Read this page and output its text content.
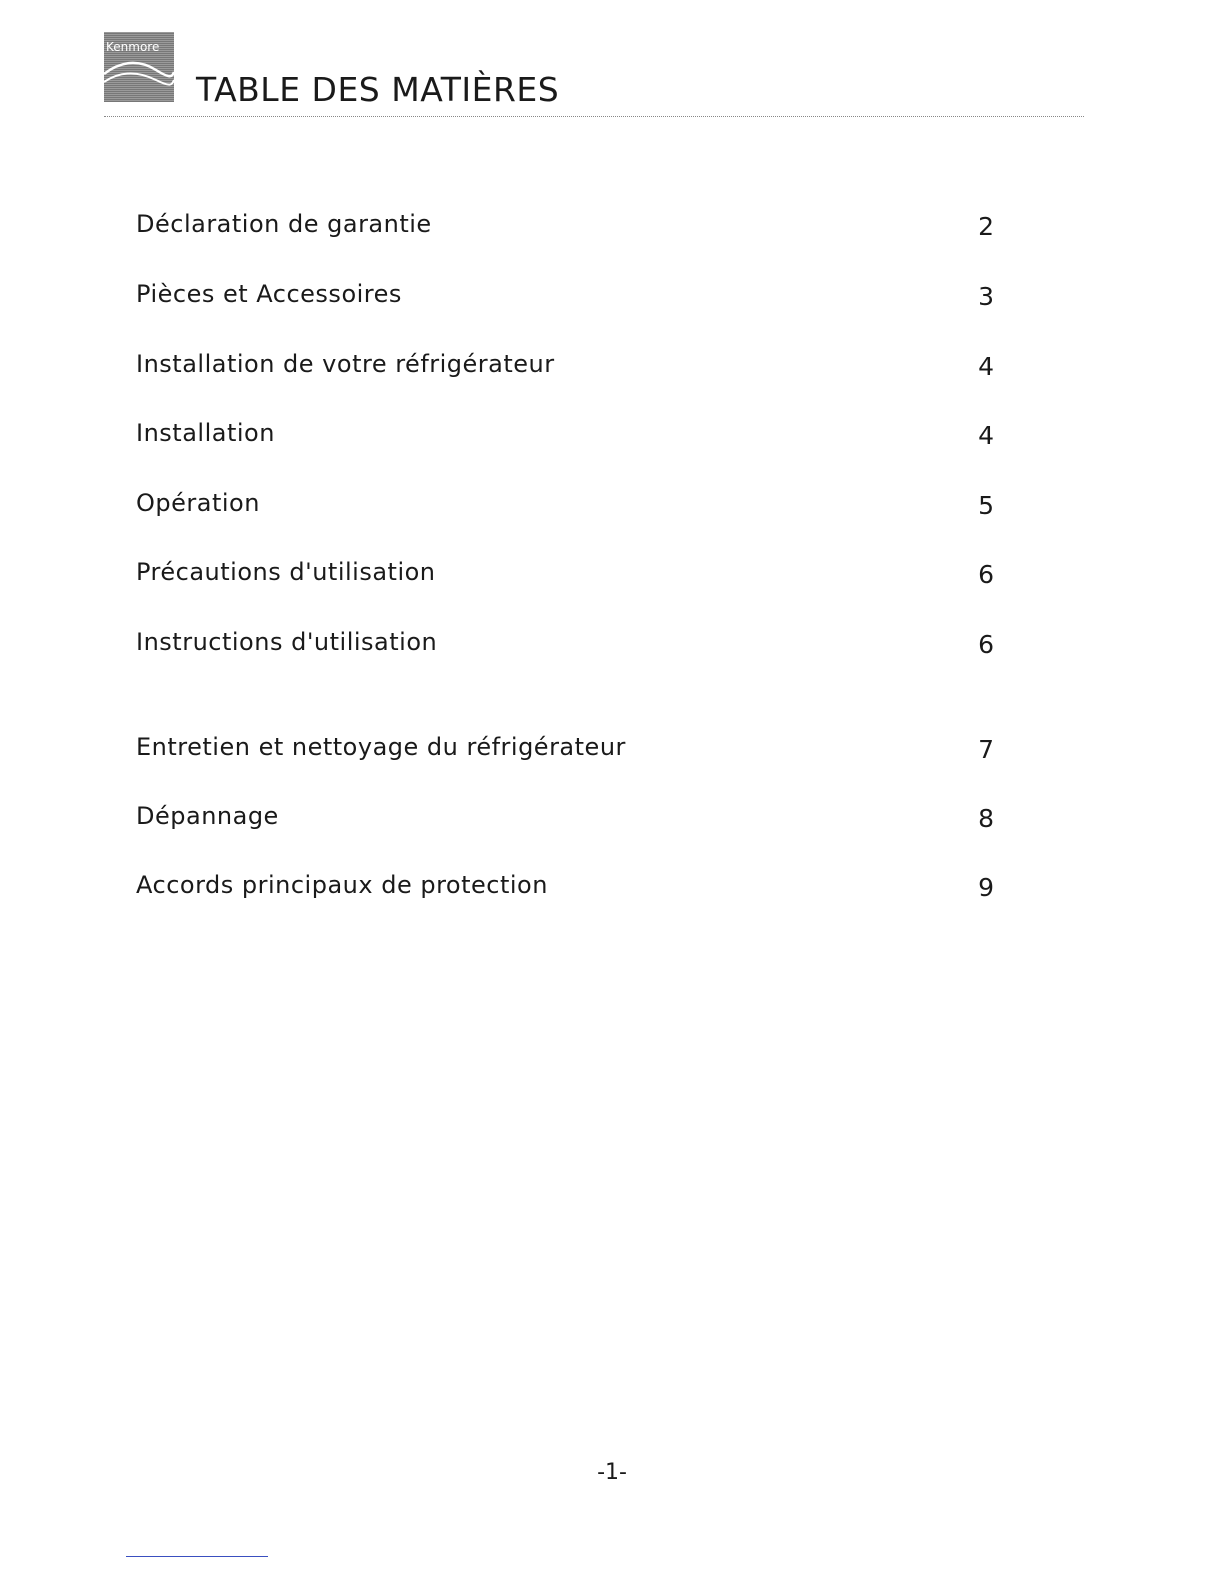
Kenmore
TABLE DES MATIÈRES
Déclaration de garantie	2
Pièces et Accessoires	3
Installation de votre réfrigérateur	4
Installation	4
Opération	5
Précautions d'utilisation	6
Instructions d'utilisation	6
Entretien et nettoyage du réfrigérateur	7
Dépannage	8
Accords principaux de protection	9
-1-
